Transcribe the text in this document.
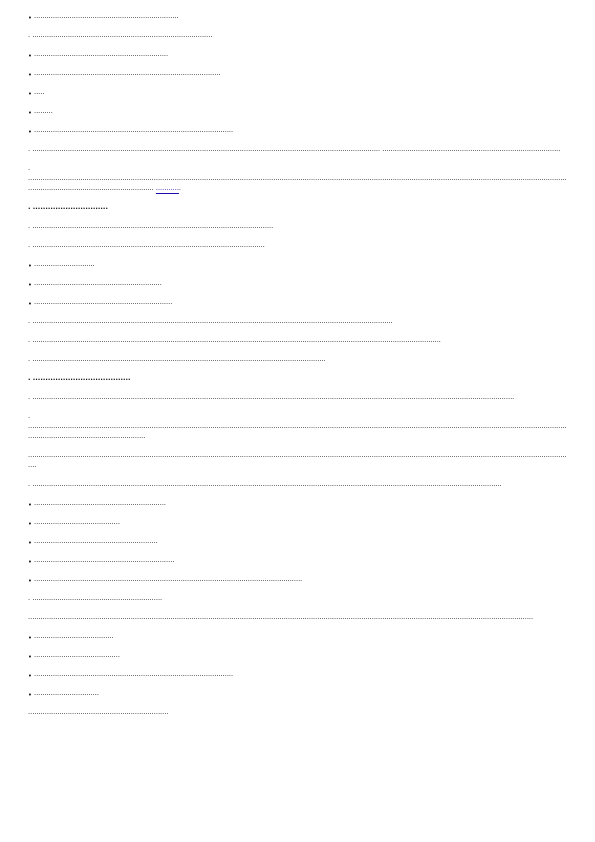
• ·····································································

· ······················································································

• ································································

• ·························································································

• ·····

• ·········

• ·······························································································

· ······································································································································································ ·····················································································

· ····························································································································································································································································································································· ············

· ······························

· ···················································································································

· ···············································································································

• ·····························

• ·····························································

• ··································································

· ············································································································································································

· ···································································································································································································

· ············································································································································

· ·······································

· ······································································································································································································································

· ·························································································································································································································································································································

·····································································································································································································································································

· ································································································································································································································

• ·······························································

• ·········································

• ···························································

• ···································································

• ································································································································

· ······························································

·················································································································································································································································

• ······································

• ·········································

• ·······························································································

• ·······························

···································································
